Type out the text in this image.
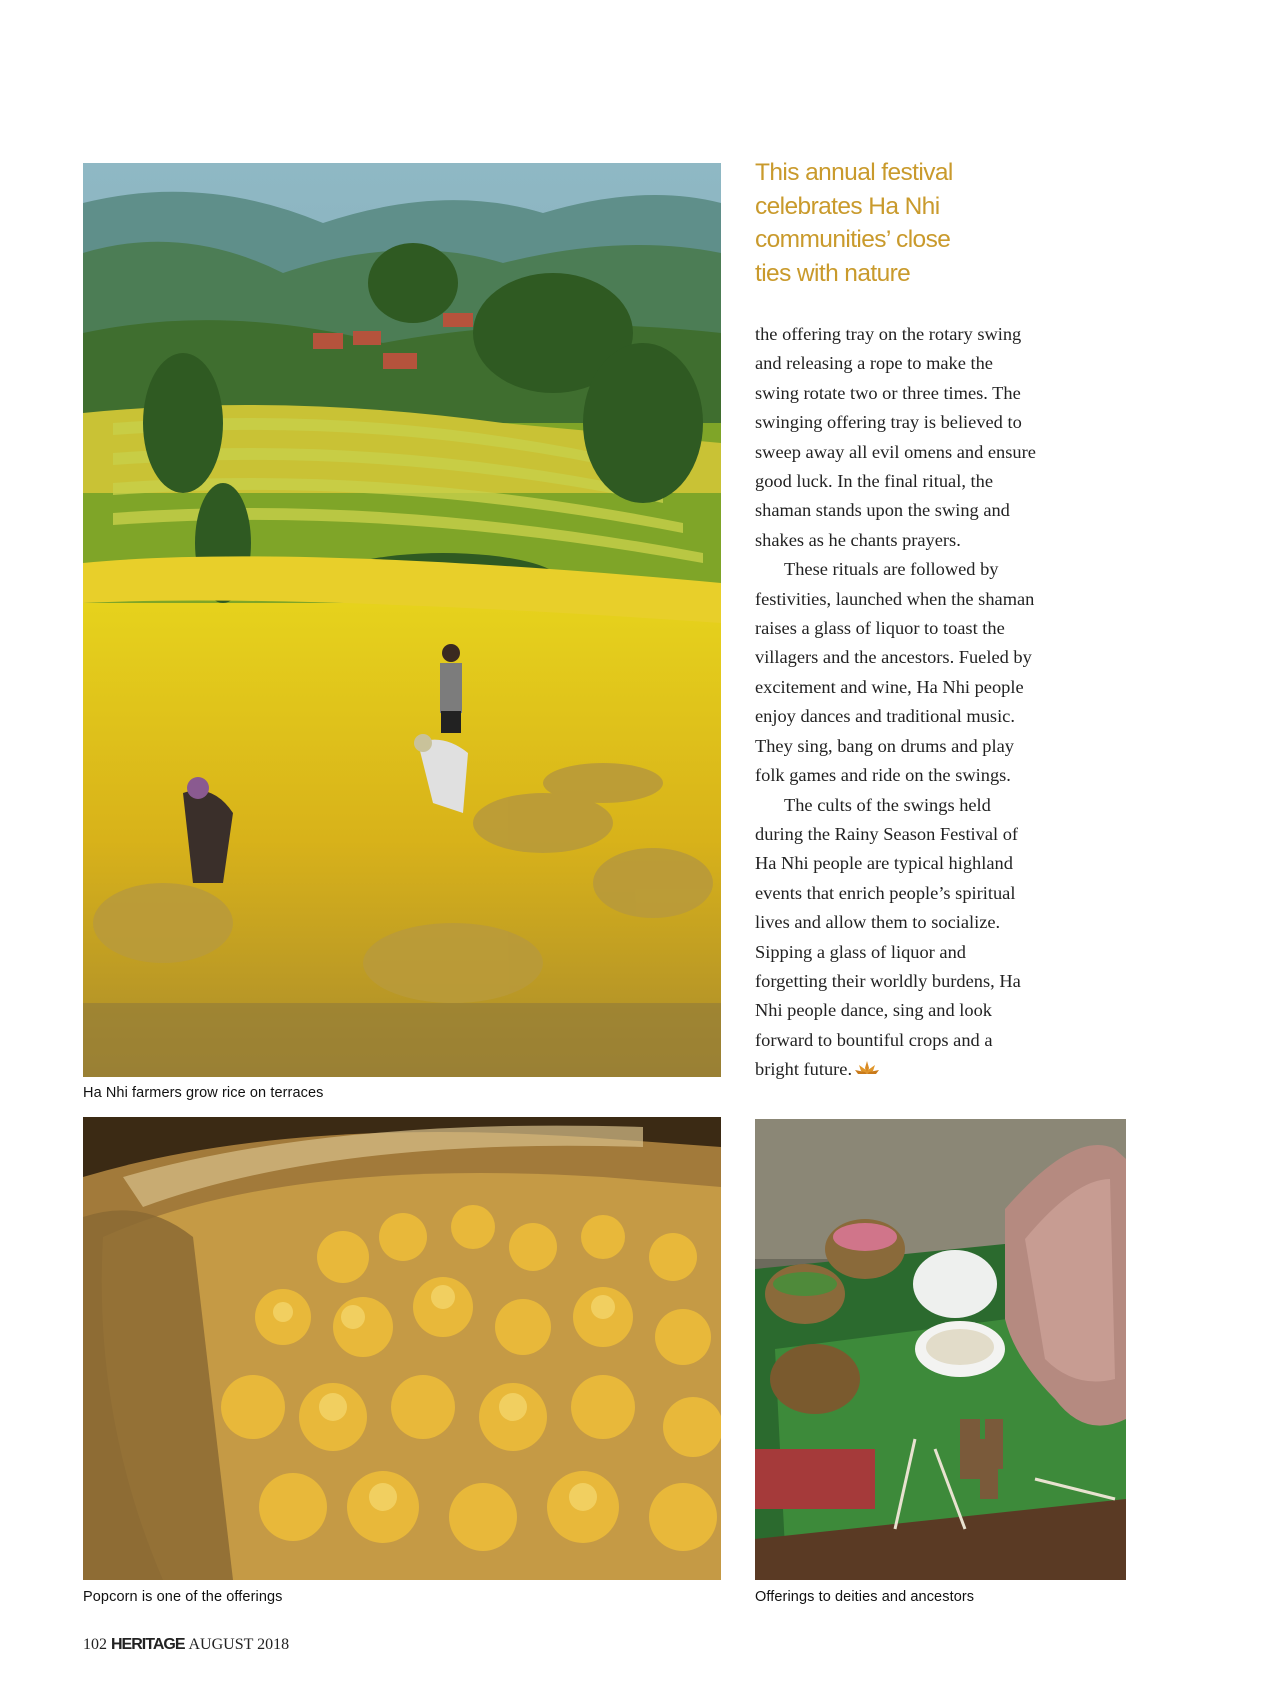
Ha Nhi farmers grow rice on terraces
Popcorn is one of the offerings	Offerings to deities and ancestors
This annual festival
celebrates Ha Nhi
communities’ close
ties with nature
the offering tray on the rotary swing
and releasing a rope to make the
swing rotate two or three times. The
swinging offering tray is believed to
sweep away all evil omens and ensure
good luck. In the final ritual, the
shaman stands upon the swing and
shakes as he chants prayers.
These rituals are followed by
festivities, launched when the shaman
raises a glass of liquor to toast the
villagers and the ancestors. Fueled by
excitement and wine, Ha Nhi people
enjoy dances and traditional music.
They sing, bang on drums and play
folk games and ride on the swings.
The cults of the swings held
during the Rainy Season Festival of
Ha Nhi people are typical highland
events that enrich people’s spiritual
lives and allow them to socialize.
Sipping a glass of liquor and
forgetting their worldly burdens, Ha
Nhi people dance, sing and look
forward to bountiful crops and a
bright future.
102 HERITAGE AUGUST 2018
